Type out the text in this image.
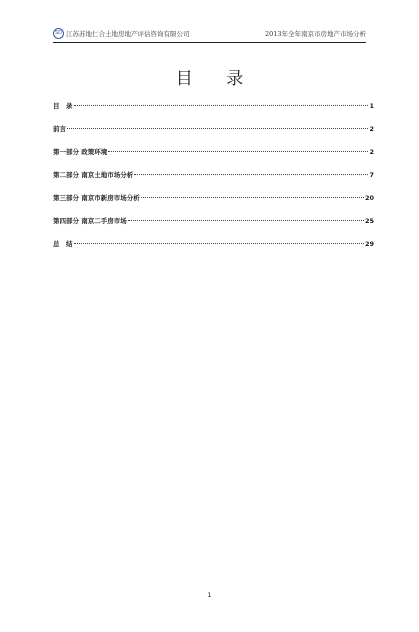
SD 江苏苏地仁合土地房地产评估咨询有限公司	2013年全年南京市房地产市场分析
目 录
目　录	1
前言	2
第一部分 政策环境	2
第二部分 南京土地市场分析	7
第三部分 南京市新房市场分析	20
第四部分 南京二手房市场	25
总　结	29
1
